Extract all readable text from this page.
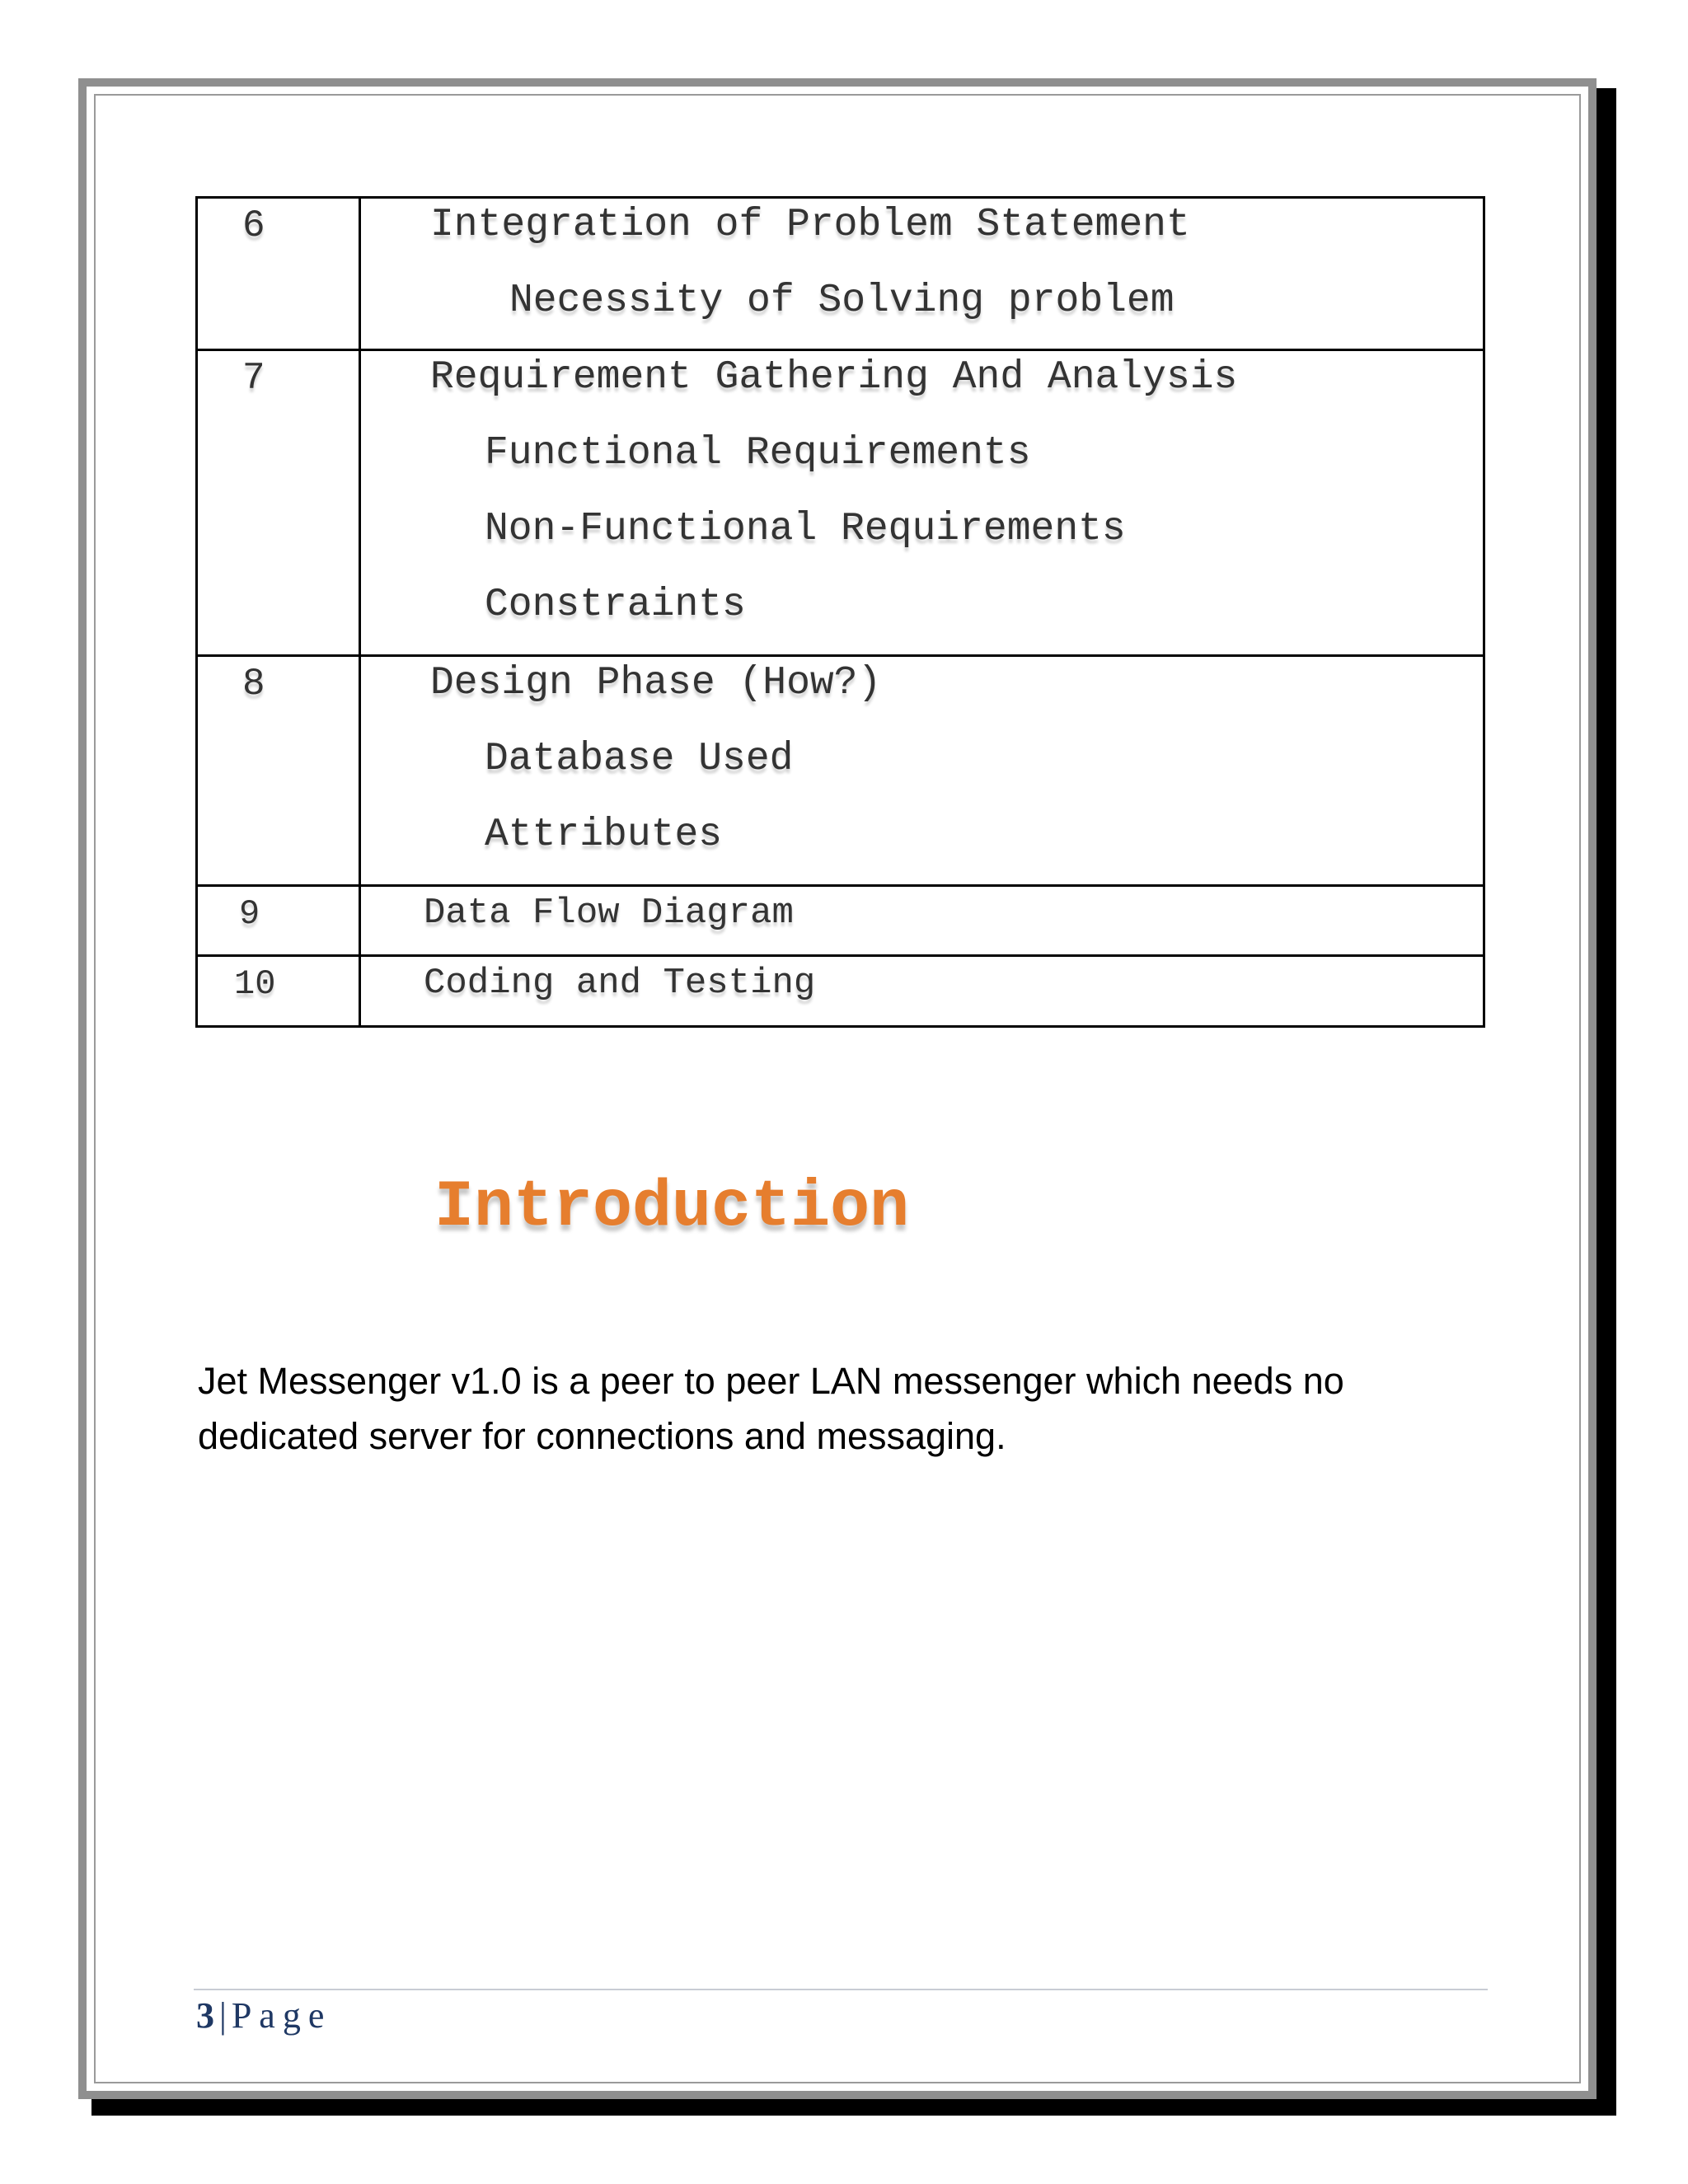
6	Integration of Problem Statement
Necessity of Solving problem

7	Requirement Gathering And Analysis
Functional Requirements
Non-Functional Requirements
Constraints

8	Design Phase (How?)
Database Used
Attributes

9	Data Flow Diagram

10	Coding and Testing
Introduction

Jet Messenger v1.0 is a peer to peer LAN messenger which needs no dedicated server for connections and messaging.

3 | Page
